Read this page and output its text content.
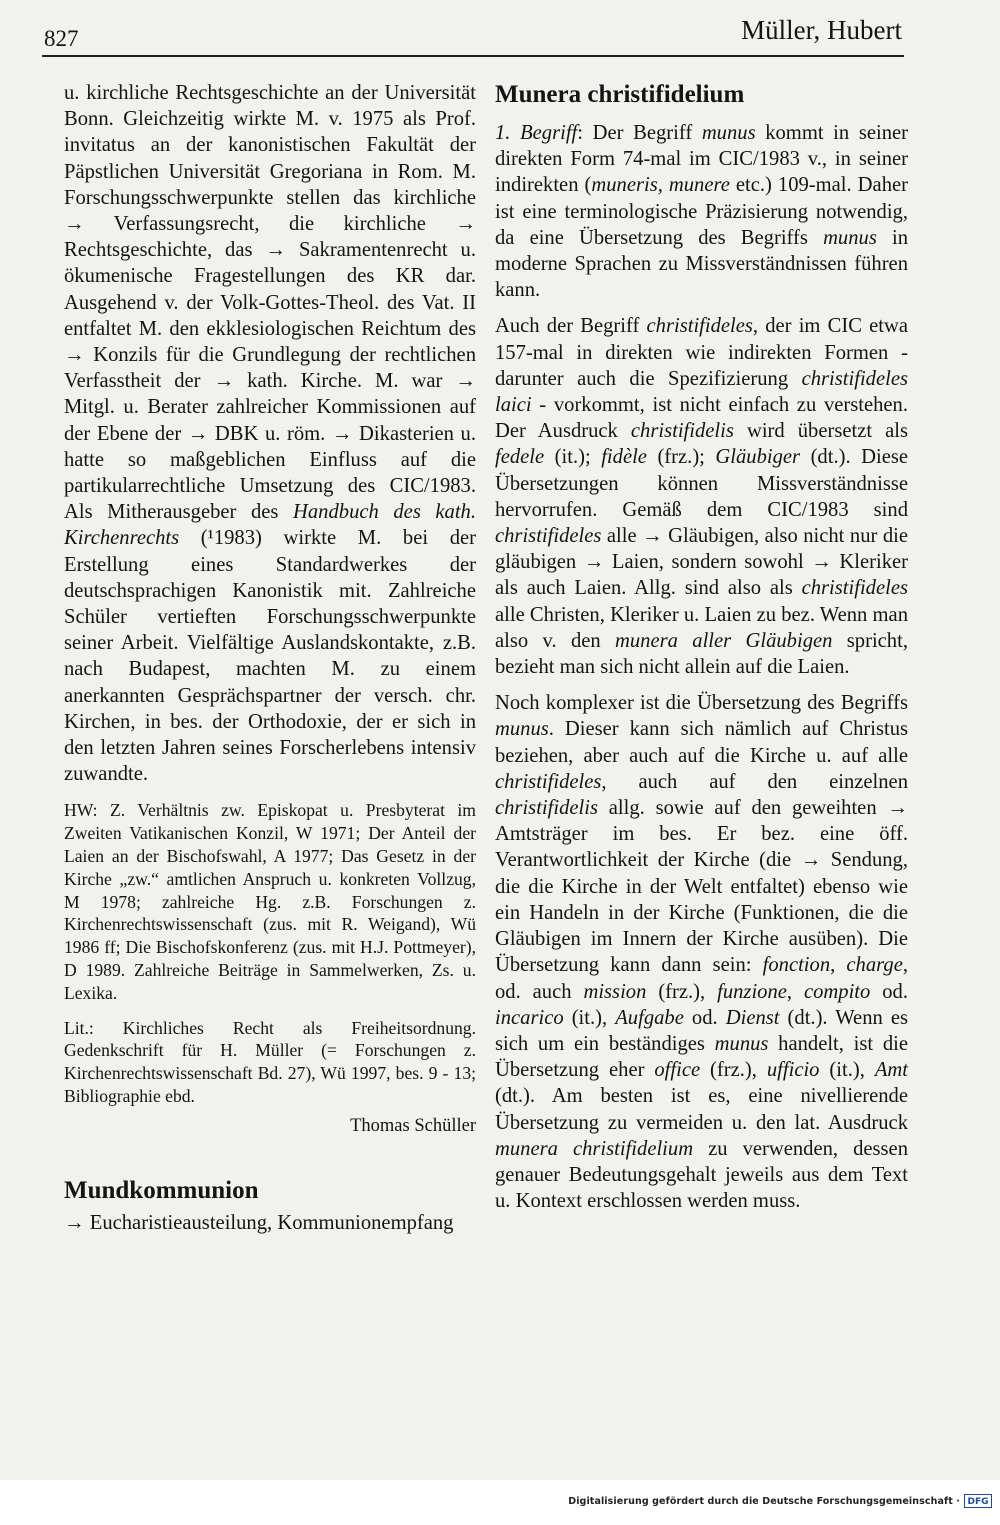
827	Müller, Hubert

u. kirchliche Rechtsgeschichte an der Universität Bonn. Gleichzeitig wirkte M. v. 1975 als Prof. invitatus an der kanonistischen Fakultät der Päpstlichen Universität Gregoriana in Rom. M. Forschungsschwerpunkte stellen das kirchliche → Verfassungsrecht, die kirchliche → Rechtsgeschichte, das → Sakramentenrecht u. ökumenische Fragestellungen des KR dar. Ausgehend v. der Volk-Gottes-Theol. des Vat. II entfaltet M. den ekklesiologischen Reichtum des → Konzils für die Grundlegung der rechtlichen Verfasstheit der → kath. Kirche. M. war → Mitgl. u. Berater zahlreicher Kommissionen auf der Ebene der → DBK u. röm. → Dikasterien u. hatte so maßgeblichen Einfluss auf die partikularrechtliche Umsetzung des CIC/1983. Als Mitherausgeber des Handbuch des kath. Kirchenrechts (¹1983) wirkte M. bei der Erstellung eines Standardwerkes der deutschsprachigen Kanonistik mit. Zahlreiche Schüler vertieften Forschungsschwerpunkte seiner Arbeit. Vielfältige Auslandskontakte, z.B. nach Budapest, machten M. zu einem anerkannten Gesprächspartner der versch. chr. Kirchen, in bes. der Orthodoxie, der er sich in den letzten Jahren seines Forscherlebens intensiv zuwandte.

HW: Z. Verhältnis zw. Episkopat u. Presbyterat im Zweiten Vatikanischen Konzil, W 1971; Der Anteil der Laien an der Bischofswahl, A 1977; Das Gesetz in der Kirche „zw.“ amtlichen Anspruch u. konkreten Vollzug, M 1978; zahlreiche Hg. z.B. Forschungen z. Kirchenrechtswissenschaft (zus. mit R. Weigand), Wü 1986 ff; Die Bischofskonferenz (zus. mit H.J. Pottmeyer), D 1989. Zahlreiche Beiträge in Sammelwerken, Zs. u. Lexika.

Lit.: Kirchliches Recht als Freiheitsordnung. Gedenkschrift für H. Müller (= Forschungen z. Kirchenrechtswissenschaft Bd. 27), Wü 1997, bes. 9 - 13; Bibliographie ebd.

Thomas Schüller

Mundkommunion

→ Eucharistieausteilung, Kommunionempfang

Munera christifidelium

1. Begriff: Der Begriff munus kommt in seiner direkten Form 74-mal im CIC/1983 v., in seiner indirekten (muneris, munere etc.) 109-mal. Daher ist eine terminologische Präzisierung notwendig, da eine Übersetzung des Begriffs munus in moderne Sprachen zu Missverständnissen führen kann.

Auch der Begriff christifideles, der im CIC etwa 157-mal in direkten wie indirekten Formen - darunter auch die Spezifizierung christifideles laici - vorkommt, ist nicht einfach zu verstehen. Der Ausdruck christifidelis wird übersetzt als fedele (it.); fidèle (frz.); Gläubiger (dt.). Diese Übersetzungen können Missverständnisse hervorrufen. Gemäß dem CIC/1983 sind christifideles alle → Gläubigen, also nicht nur die gläubigen → Laien, sondern sowohl → Kleriker als auch Laien. Allg. sind also als christifideles alle Christen, Kleriker u. Laien zu bez. Wenn man also v. den munera aller Gläubigen spricht, bezieht man sich nicht allein auf die Laien.

Noch komplexer ist die Übersetzung des Begriffs munus. Dieser kann sich nämlich auf Christus beziehen, aber auch auf die Kirche u. auf alle christifideles, auch auf den einzelnen christifidelis allg. sowie auf den geweihten → Amtsträger im bes. Er bez. eine öff. Verantwortlichkeit der Kirche (die → Sendung, die die Kirche in der Welt entfaltet) ebenso wie ein Handeln in der Kirche (Funktionen, die die Gläubigen im Innern der Kirche ausüben). Die Übersetzung kann dann sein: fonction, charge, od. auch mission (frz.), funzione, compito od. incarico (it.), Aufgabe od. Dienst (dt.). Wenn es sich um ein beständiges munus handelt, ist die Übersetzung eher office (frz.), ufficio (it.), Amt (dt.). Am besten ist es, eine nivellierende Übersetzung zu vermeiden u. den lat. Ausdruck munera christifidelium zu verwenden, dessen genauer Bedeutungsgehalt jeweils aus dem Text u. Kontext erschlossen werden muss.

Digitalisierung gefördert durch die Deutsche Forschungsgemeinschaft · DFG
